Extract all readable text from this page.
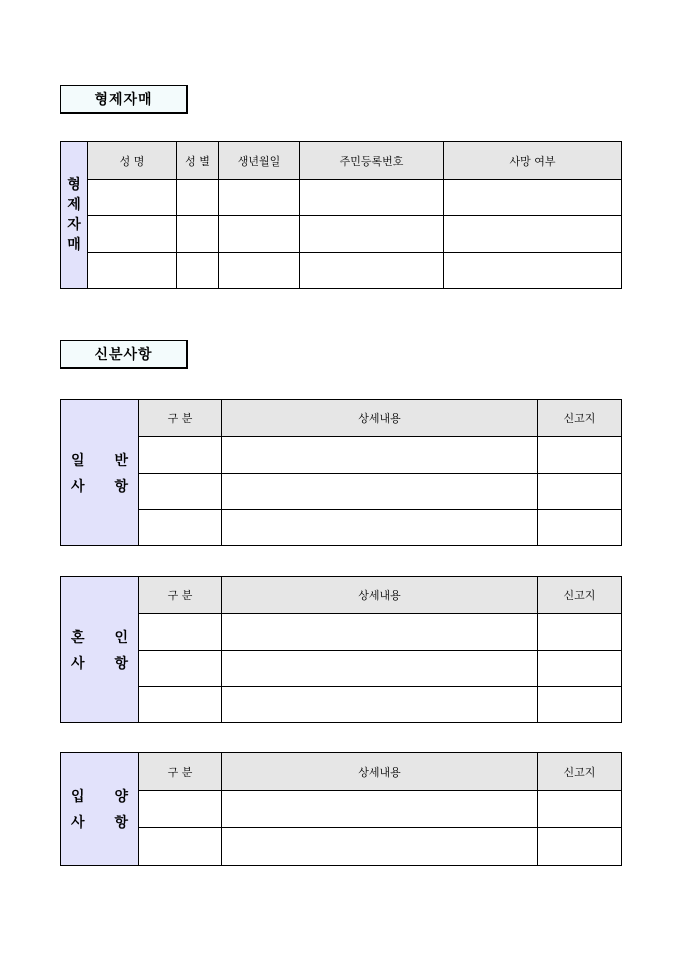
형제자매
형
제
자
매	성 명	성 별	생년월일	주민등록번호	사망 여부

신분사항
일 반
사 항	구 분	상세내용	신고지

혼 인
사 항	구 분	상세내용	신고지

입 양
사 항	구 분	상세내용	신고지
